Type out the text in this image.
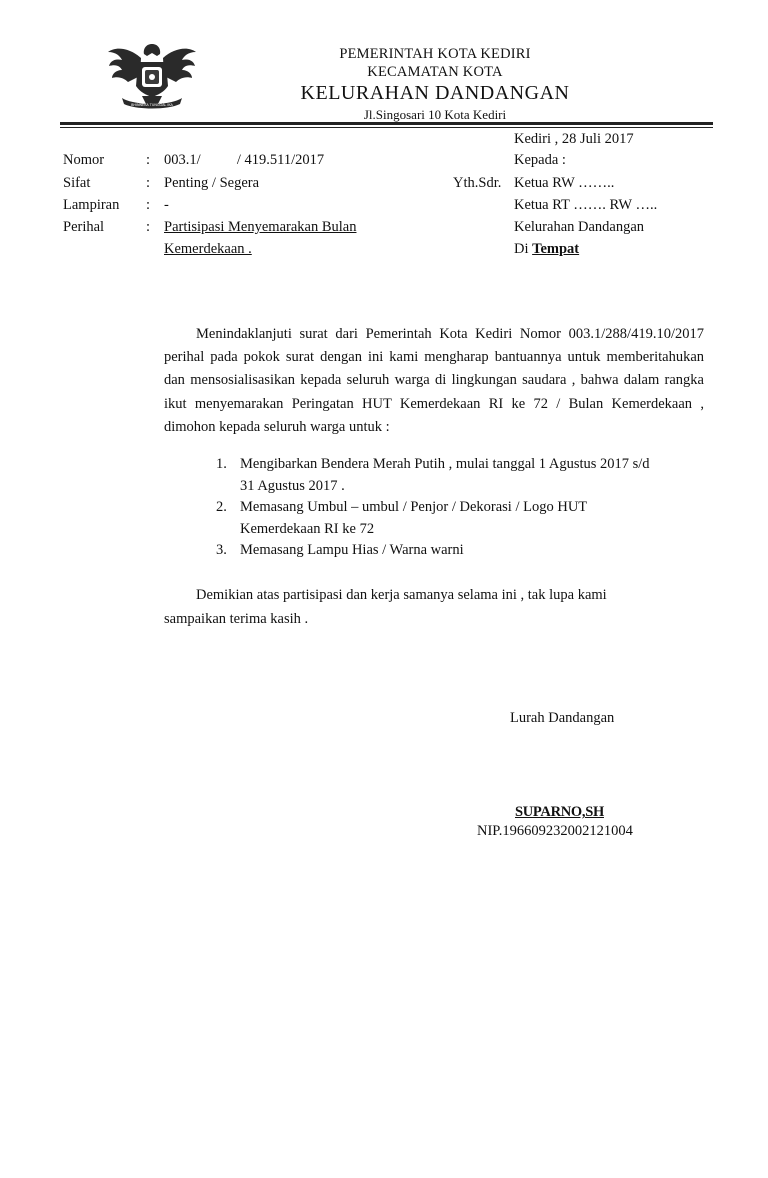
BHINNEKA TUNGGAL IKA
PEMERINTAH KOTA KEDIRI
KECAMATAN KOTA
KELURAHAN DANDANGAN
Jl.Singosari 10 Kota Kediri
Kediri , 28 Juli 2017
Nomor	: 003.1/          / 419.511/2017
Sifat	: Penting / Segera
Lampiran : -
Perihal	: Partisipasi Menyemarakan Bulan
Kemerdekaan .
Yth.Sdr.
Kepada :
Ketua RW ……..
Ketua RT ……. RW …..
Kelurahan Dandangan
Di Tempat
Menindaklanjuti surat dari Pemerintah Kota Kediri Nomor 003.1/288/419.10/2017 perihal pada pokok surat dengan ini kami mengharap bantuannya untuk memberitahukan dan mensosialisasikan kepada seluruh warga di lingkungan saudara , bahwa dalam rangka ikut menyemarakan Peringatan HUT Kemerdekaan RI ke 72 / Bulan Kemerdekaan , dimohon kepada seluruh warga untuk :
1. Mengibarkan Bendera Merah Putih , mulai tanggal 1 Agustus 2017 s/d
31 Agustus 2017 .
2. Memasang Umbul – umbul / Penjor / Dekorasi / Logo HUT
Kemerdekaan RI ke 72
3. Memasang Lampu Hias / Warna warni
Demikian atas partisipasi dan kerja samanya selama ini , tak lupa kami
sampaikan terima kasih .
Lurah Dandangan
SUPARNO,SH
NIP.196609232002121004
